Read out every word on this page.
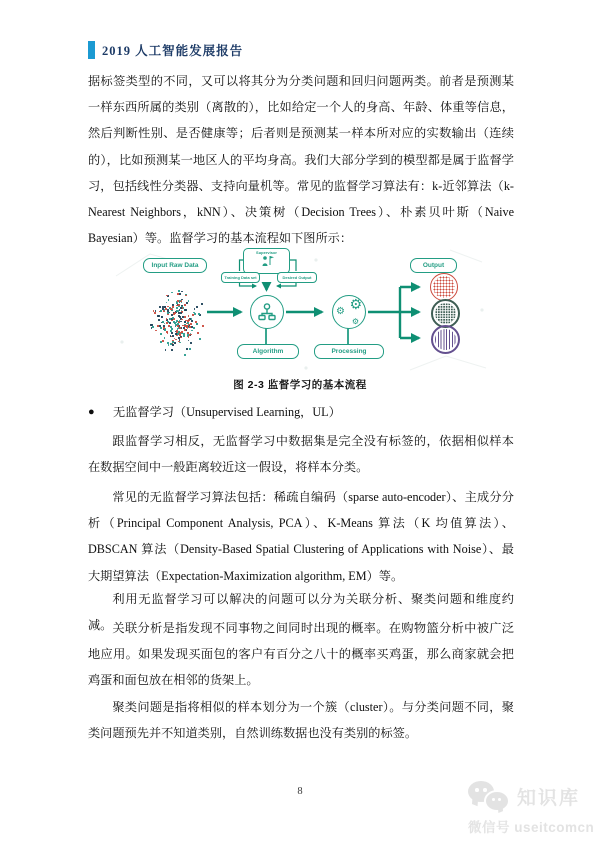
2019 人工智能发展报告

据标签类型的不同，又可以将其分为分类问题和回归问题两类。前者是预测某一样东西所属的类别（离散的），比如给定一个人的身高、年龄、体重等信息，然后判断性别、是否健康等；后者则是预测某一样本所对应的实数输出（连续的），比如预测某一地区人的平均身高。我们大部分学到的模型都是属于监督学习，包括线性分类器、支持向量机等。常见的监督学习算法有：k-近邻算法（k-Nearest Neighbors，kNN）、决策树（Decision Trees）、朴素贝叶斯（Naive Bayesian）等。监督学习的基本流程如下图所示：

Input Raw Data
Supervisor
Training Data set	Desired Output
⚙
⚙
⚙
Algorithm	Processing
Output
图 2-3 监督学习的基本流程
●	无监督学习（Unsupervised Learning，UL）

跟监督学习相反，无监督学习中数据集是完全没有标签的，依据相似样本在数据空间中一般距离较近这一假设，将样本分类。

常见的无监督学习算法包括：稀疏自编码（sparse auto-encoder）、主成分分析（Principal Component Analysis, PCA）、K-Means 算法（K 均值算法）、DBSCAN 算法（Density-Based Spatial Clustering of Applications with Noise）、最大期望算法（Expectation-Maximization algorithm, EM）等。

利用无监督学习可以解决的问题可以分为关联分析、聚类问题和维度约减。 关联分析是指发现不同事物之间同时出现的概率。在购物篮分析中被广泛地应用。如果发现买面包的客户有百分之八十的概率买鸡蛋，那么商家就会把鸡蛋和面包放在相邻的货架上。

聚类问题是指将相似的样本划分为一个簇（cluster）。与分类问题不同，聚类问题预先并不知道类别，自然训练数据也没有类别的标签。

8	知识库
微信号 useitcomcn
